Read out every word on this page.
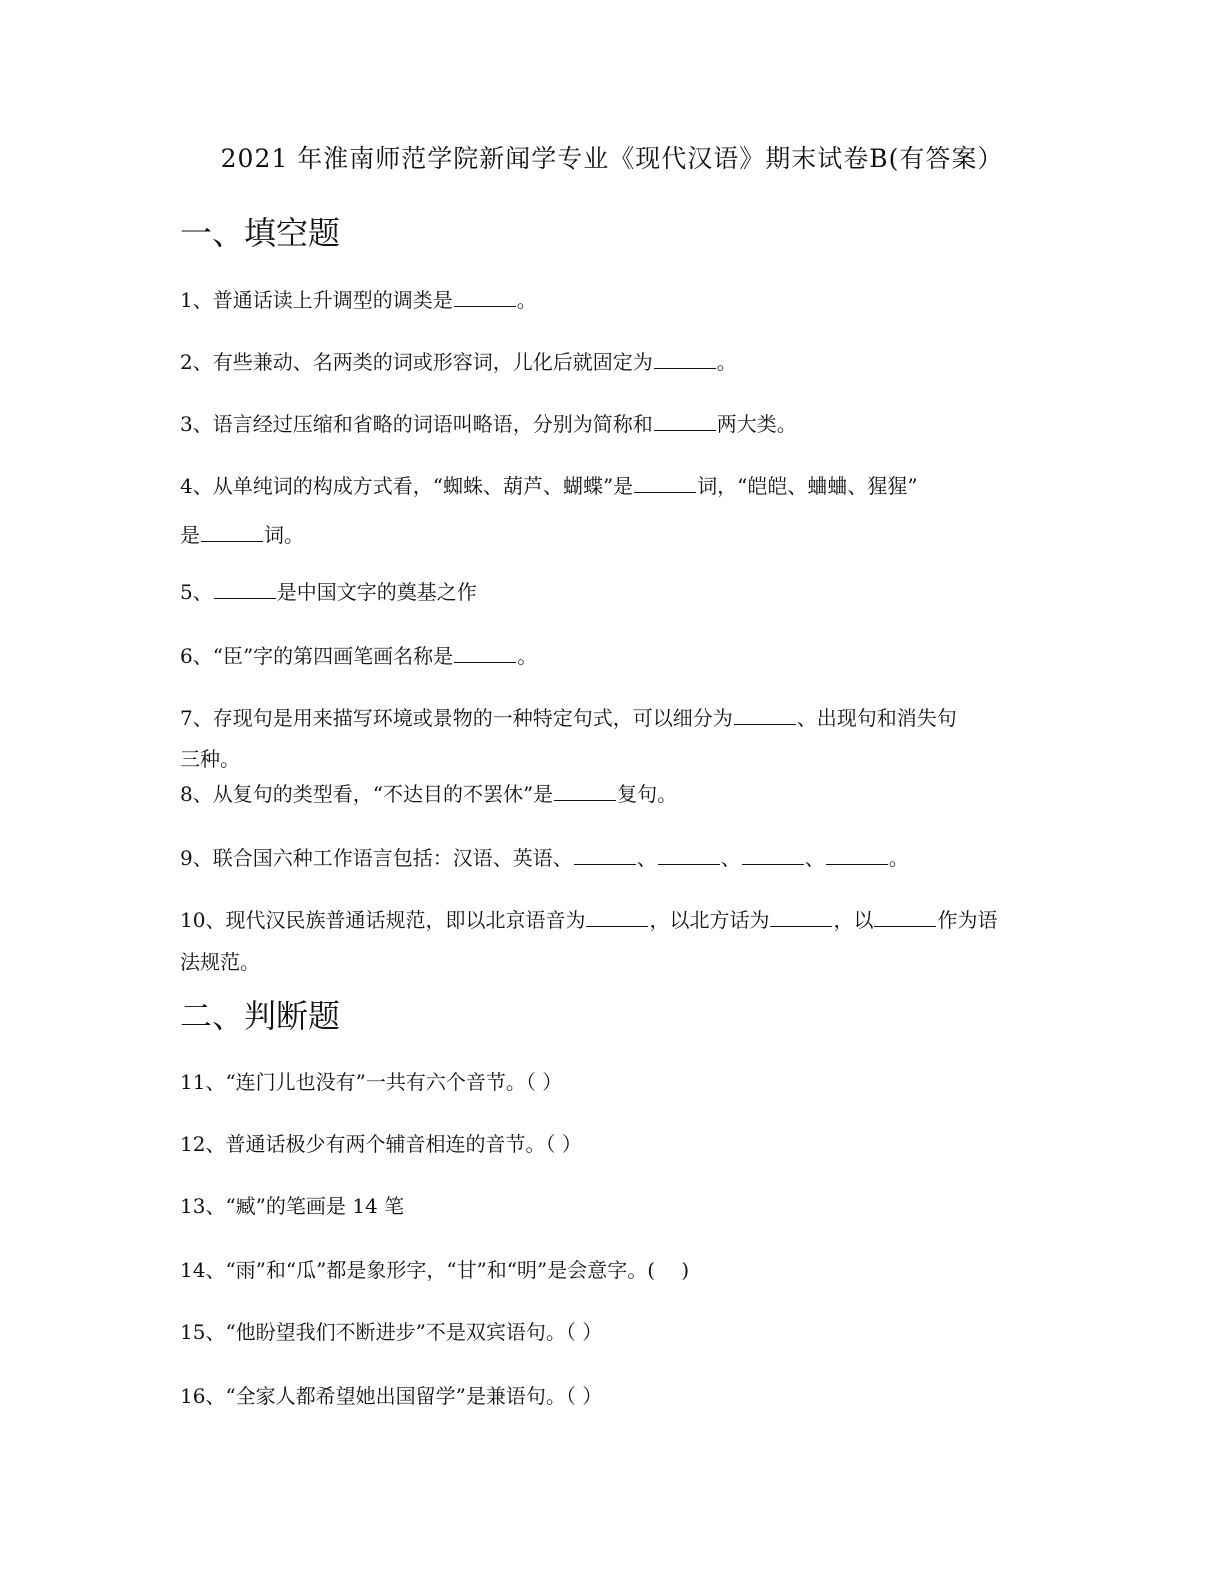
2021 年淮南师范学院新闻学专业《现代汉语》期末试卷B(有答案）
一、填空题
1、普通话读上升调型的调类是	。
2、有些兼动、名两类的词或形容词，儿化后就固定为	。
3、语言经过压缩和省略的词语叫略语，分别为简称和	两大类。
4、从单纯词的构成方式看，“蜘蛛、葫芦、蝴蝶”是	词，“皑皑、蛐蛐、猩猩”
是	词。
5、	是中国文字的奠基之作
6、“臣”字的第四画笔画名称是	。
7、存现句是用来描写环境或景物的一种特定句式，可以细分为	、出现句和消失句
三种。
8、从复句的类型看，“不达目的不罢休”是	复句。
9、联合国六种工作语言包括：汉语、英语、	、	、	、	。
10、现代汉民族普通话规范，即以北京语音为	，以北方话为	，以	作为语
法规范。
二、判断题
11、“连门儿也没有”一共有六个音节。（ ）
12、普通话极少有两个辅音相连的音节。（ ）
13、“臧”的笔画是 14 笔
14、“雨”和“瓜”都是象形字，“甘”和“明”是会意字。(　 )
15、“他盼望我们不断进步”不是双宾语句。（ ）
16、“全家人都希望她出国留学”是兼语句。（ ）
